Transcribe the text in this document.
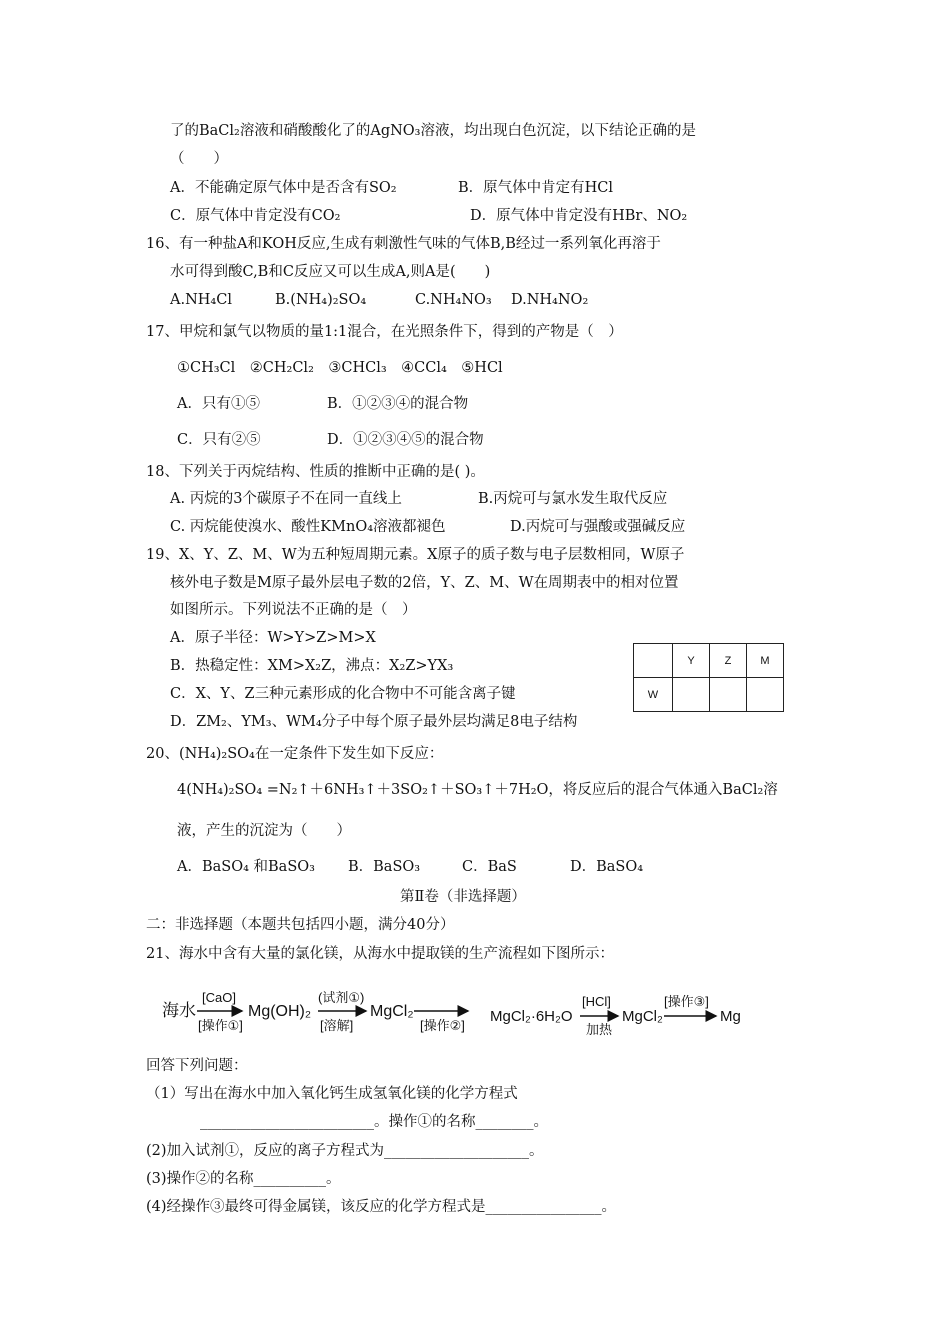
了的BaCl₂溶液和硝酸酸化了的AgNO₃溶液，均出现白色沉淀，以下结论正确的是
（　　）
A．不能确定原气体中是否含有SO₂	B．原气体中肯定有HCl
C．原气体中肯定没有CO₂	D．原气体中肯定没有HBr、NO₂
16、有一种盐A和KOH反应,生成有刺激性气味的气体B,B经过一系列氧化再溶于
水可得到酸C,B和C反应又可以生成A,则A是(　　)
A.NH₄Cl	B.(NH₄)₂SO₄	C.NH₄NO₃ D.NH₄NO₂
17、甲烷和氯气以物质的量1:1混合，在光照条件下，得到的产物是（　）
①CH₃Cl　②CH₂Cl₂　③CHCl₃　④CCl₄　⑤HCl
A．只有①⑤	B．①②③④的混合物
C．只有②⑤	D．①②③④⑤的混合物
18、下列关于丙烷结构、性质的推断中正确的是( )。
A. 丙烷的3个碳原子不在同一直线上	B.丙烷可与氯水发生取代反应
C. 丙烷能使溴水、酸性KMnO₄溶液都褪色	D.丙烷可与强酸或强碱反应
19、X、Y、Z、M、W为五种短周期元素。X原子的质子数与电子层数相同，W原子
核外电子数是M原子最外层电子数的2倍，Y、Z、M、W在周期表中的相对位置
如图所示。下列说法不正确的是（　）
A．原子半径：W>Y>Z>M>X
B．热稳定性：XM>X₂Z，沸点：X₂Z>YX₃
C．X、Y、Z三种元素形成的化合物中不可能含离子键
D．ZM₂、YM₃、WM₄分子中每个原子最外层均满足8电子结构
	Y	Z	M
W			
20、(NH₄)₂SO₄在一定条件下发生如下反应：
4(NH₄)₂SO₄ =N₂↑＋6NH₃↑＋3SO₂↑＋SO₃↑＋7H₂O，将反应后的混合气体通入BaCl₂溶
液，产生的沉淀为（　　）
A．BaSO₄ 和BaSO₃ B．BaSO₃	C．BaS	D．BaSO₄
第Ⅱ卷（非选择题）
二：非选择题（本题共包括四小题，满分40分）
21、海水中含有大量的氯化镁，从海水中提取镁的生产流程如下图所示：
海水
[CaO]
[操作①]
Mg(OH)₂
(试剂①)
[溶解]
MgCl₂
[操作②]
MgCl₂·6H₂O
[HCl]
加热
MgCl₂
[操作③]
Mg
回答下列问题：
（1）写出在海水中加入氧化钙生成氢氧化镁的化学方程式
________________________。操作①的名称________。
(2)加入试剂①，反应的离子方程式为____________________。
(3)操作②的名称__________。
(4)经操作③最终可得金属镁，该反应的化学方程式是________________。
